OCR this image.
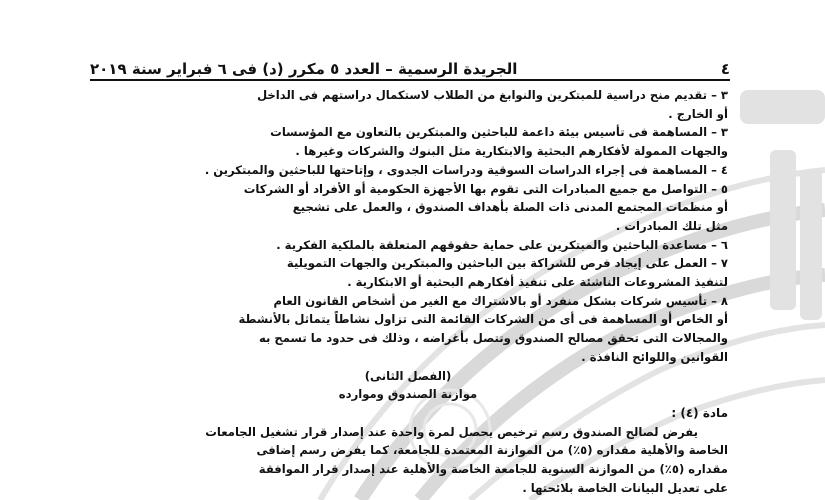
٤
الجريدة الرسمية – العدد ٥ مكرر (د) فى ٦ فبراير سنة ٢٠١٩
٣ – تقديم منح دراسية للمبتكرين والنوابغ من الطلاب لاستكمال دراستهم فى الداخل
أو الخارج .
٣ – المساهمة فى تأسيس بيئة داعمة للباحثين والمبتكرين بالتعاون مع المؤسسات
والجهات الممولة لأفكارهم البحثية والابتكارية مثل البنوك والشركات وغيرها .
٤ – المساهمة فى إجراء الدراسات السوقية ودراسات الجدوى ، وإتاحتها للباحثين والمبتكرين .
٥ – التواصل مع جميع المبادرات التى تقوم بها الأجهزة الحكومية أو الأفراد أو الشركات
أو منظمات المجتمع المدنى ذات الصلة بأهداف الصندوق ، والعمل على تشجيع
مثل تلك المبادرات .
٦ – مساعدة الباحثين والمبتكرين على حماية حقوقهم المتعلقة بالملكية الفكرية .
٧ – العمل على إيجاد فرص للشراكة بين الباحثين والمبتكرين والجهات التمويلية
لتنفيذ المشروعات الناشئة على تنفيذ أفكارهم البحثية أو الابتكارية .
٨ – تأسيس شركات بشكل منفرد أو بالاشتراك مع الغير من أشخاص القانون العام
أو الخاص أو المساهمة فى أى من الشركات القائمة التى تزاول نشاطاً يتماثل بالأنشطة
والمجالات التى تحقق مصالح الصندوق وتتصل بأغراضه ، وذلك فى حدود ما تسمح به
القوانين واللوائح النافذة .
(الفصل الثانى)
موازنة الصندوق وموارده
مادة (٤) :
يفرض لصالح الصندوق رسم ترخيص يحصل لمرة واحدة عند إصدار قرار تشغيل الجامعات
الخاصة والأهلية مقداره (٥٪) من الموازنة المعتمدة للجامعة، كما يفرض رسم إضافى
مقداره (٥٪) من الموازنة السنوية للجامعة الخاصة والأهلية عند إصدار قرار الموافقة
على تعديل البيانات الخاصة بلائحتها .
